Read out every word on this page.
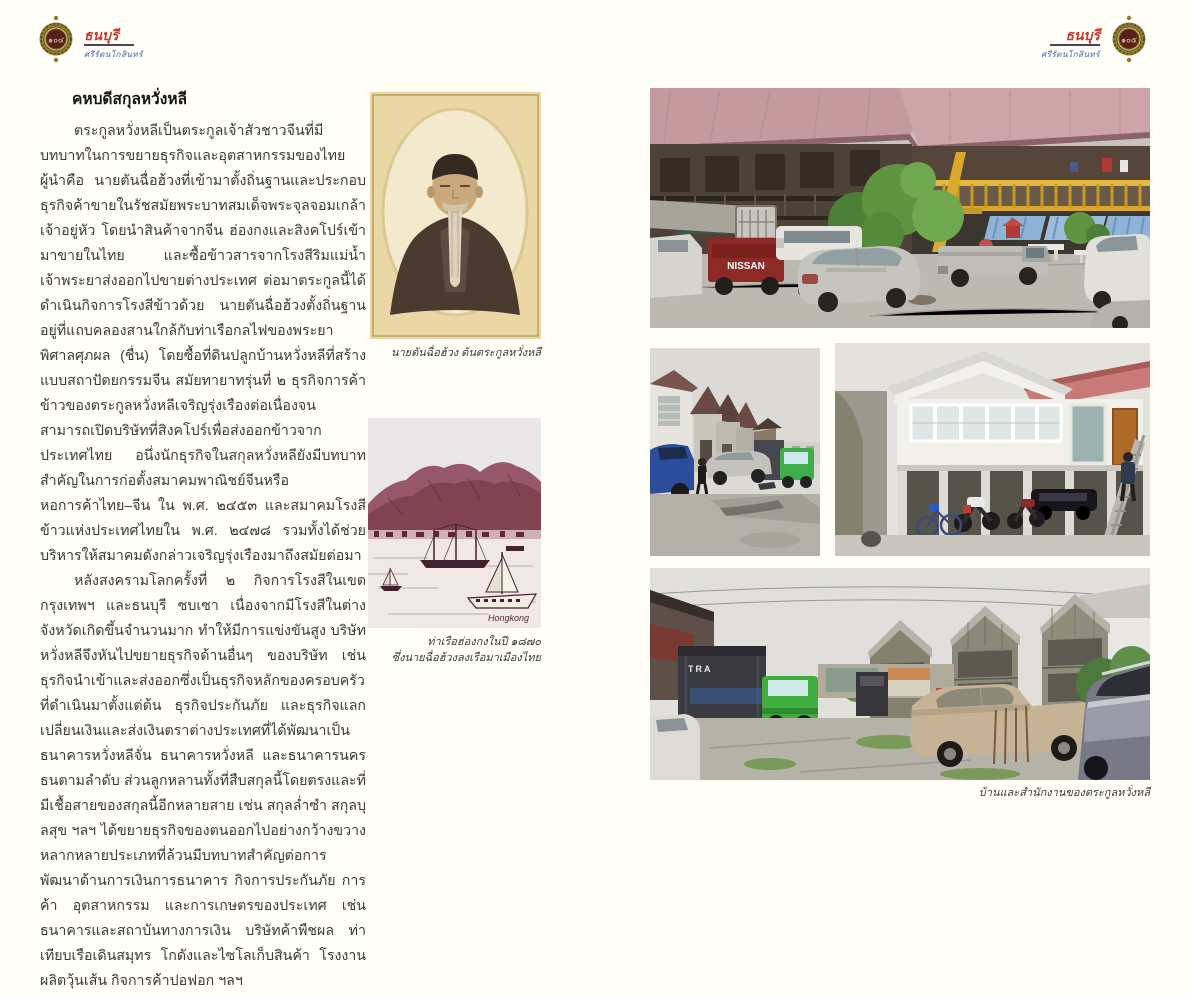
๑๐๔ ธนบุรี
ศรีรัตนโกสินทร์
ธนบุรี
ศรีรัตนโกสินทร์
๑๐๕
คหบดีสกุลหวั่งหลี

ตระกูลหวั่งหลีเป็นตระกูลเจ้าสัวชาวจีนที่มีบทบาทในการขยายธุรกิจและอุตสาหกรรมของไทย ผู้นำคือ นายตันฉื่อฮ้วงที่เข้ามาตั้งถิ่นฐานและประกอบธุรกิจค้าขายในรัชสมัยพระบาทสมเด็จพระจุลจอมเกล้าเจ้าอยู่หัว โดยนำสินค้าจากจีน ฮ่องกงและสิงคโปร์เข้ามาขายในไทย และซื้อข้าวสารจากโรงสีริมแม่น้ำเจ้าพระยาส่งออกไปขายต่างประเทศ ต่อมาตระกูลนี้ได้ดำเนินกิจการโรงสีข้าวด้วย นายตันฉื่อฮ้วงตั้งถิ่นฐานอยู่ที่แถบคลองสานใกล้กับท่าเรือกลไฟของพระยาพิศาลศุภผล (ชื่น) โดยซื้อที่ดินปลูกบ้านหวั่งหลีที่สร้างแบบสถาปัตยกรรมจีน สมัยทายาทรุ่นที่ ๒ ธุรกิจการค้าข้าวของตระกูลหวั่งหลีเจริญรุ่งเรืองต่อเนื่องจนสามารถเปิดบริษัทที่สิงคโปร์เพื่อส่งออกข้าวจากประเทศไทย อนึ่งนักธุรกิจในสกุลหวั่งหลียังมีบทบาทสำคัญในการก่อตั้งสมาคมพาณิชย์จีนหรือหอการค้าไทย–จีน ใน พ.ศ. ๒๔๕๓ และสมาคมโรงสีข้าวแห่งประเทศไทยใน พ.ศ. ๒๔๗๘ รวมทั้งได้ช่วยบริหารให้สมาคมดังกล่าวเจริญรุ่งเรืองมาถึงสมัยต่อมา

หลังสงครามโลกครั้งที่ ๒ กิจการโรงสีในเขตกรุงเทพฯ และธนบุรี ซบเซา เนื่องจากมีโรงสีในต่างจังหวัดเกิดขึ้นจำนวนมาก ทำให้มีการแข่งขันสูง บริษัทหวั่งหลีจึงหันไปขยายธุรกิจด้านอื่นๆ ของบริษัท เช่น ธุรกิจนำเข้าและส่งออกซึ่งเป็นธุรกิจหลักของครอบครัวที่ดำเนินมาตั้งแต่ต้น ธุรกิจประกันภัย และธุรกิจแลกเปลี่ยนเงินและส่งเงินตราต่างประเทศที่ได้พัฒนาเป็นธนาคารหวั่งหลีจั่น ธนาคารหวั่งหลี และธนาคารนครธนตามลำดับ ส่วนลูกหลานทั้งที่สืบสกุลนี้โดยตรงและที่มีเชื้อสายของสกุลนี้อีกหลายสาย เช่น สกุลล่ำซำ สกุลบุลสุข ฯลฯ ได้ขยายธุรกิจของตนออกไปอย่างกว้างขวางหลากหลายประเภทที่ล้วนมีบทบาทสำคัญต่อการพัฒนาด้านการเงินการธนาคาร กิจการประกันภัย การค้า อุตสาหกรรม และการเกษตรของประเทศ เช่น ธนาคารและสถาบันทางการเงิน บริษัทค้าพืชผล ท่าเทียบเรือเดินสมุทร โกดังและไซโลเก็บสินค้า โรงงานผลิตวุ้นเส้น กิจการค้าปอฟอก ฯลฯ

นายตันฉื่อฮ้วง ต้นตระกูลหวั่งหลี
Hongkong
ท่าเรือฮ่องกงในปี ๑๘๗๐
ซึ่งนายฉื่อฮ้วงลงเรือมาเมืองไทย
NISSAN
TRA
บ้านและสำนักงานของตระกูลหวั่งหลี
